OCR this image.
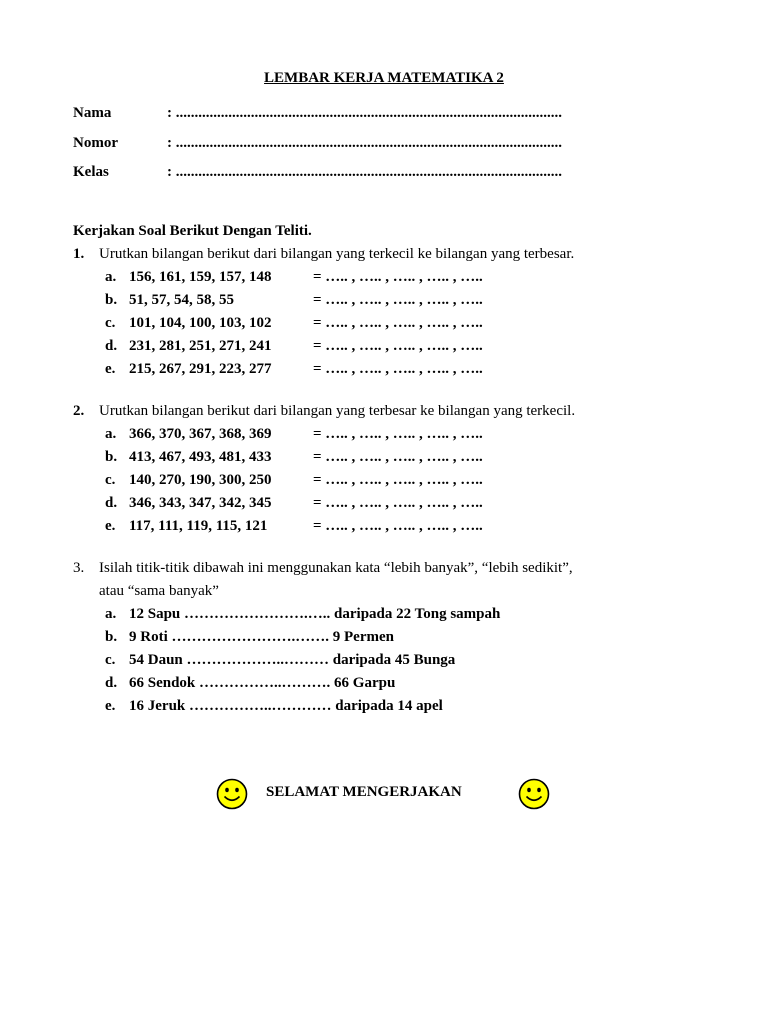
LEMBAR KERJA MATEMATIKA 2
Nama	: .......................................................................................................
Nomor	: .......................................................................................................
Kelas	: .......................................................................................................
Kerjakan Soal Berikut Dengan Teliti.
1. Urutkan bilangan berikut dari bilangan yang terkecil ke bilangan yang terbesar.
a. 156, 161, 159, 157, 148	= ….. , ….. , ….. , ….. , …..
b. 51, 57, 54, 58, 55	= ….. , ….. , ….. , ….. , …..
c. 101, 104, 100, 103, 102	= ….. , ….. , ….. , ….. , …..
d. 231, 281, 251, 271, 241	= ….. , ….. , ….. , ….. , …..
e. 215, 267, 291, 223, 277	= ….. , ….. , ….. , ….. , …..
2. Urutkan bilangan berikut dari bilangan yang terbesar ke bilangan yang terkecil.
a. 366, 370, 367, 368, 369	= ….. , ….. , ….. , ….. , …..
b. 413, 467, 493, 481, 433	= ….. , ….. , ….. , ….. , …..
c. 140, 270, 190, 300, 250	= ….. , ….. , ….. , ….. , …..
d. 346, 343, 347, 342, 345	= ….. , ….. , ….. , ….. , …..
e. 117, 111, 119, 115, 121	= ….. , ….. , ….. , ….. , …..
3. Isilah titik-titik dibawah ini menggunakan kata “lebih banyak”, “lebih sedikit”,
atau “sama banyak”
a. 12 Sapu …………………….….. daripada 22 Tong sampah
b. 9 Roti …………………….……. 9 Permen
c. 54 Daun ………………..……… daripada 45 Bunga
d. 66 Sendok ……………..………. 66 Garpu
e. 16 Jeruk ……………..………… daripada 14 apel
SELAMAT MENGERJAKAN
